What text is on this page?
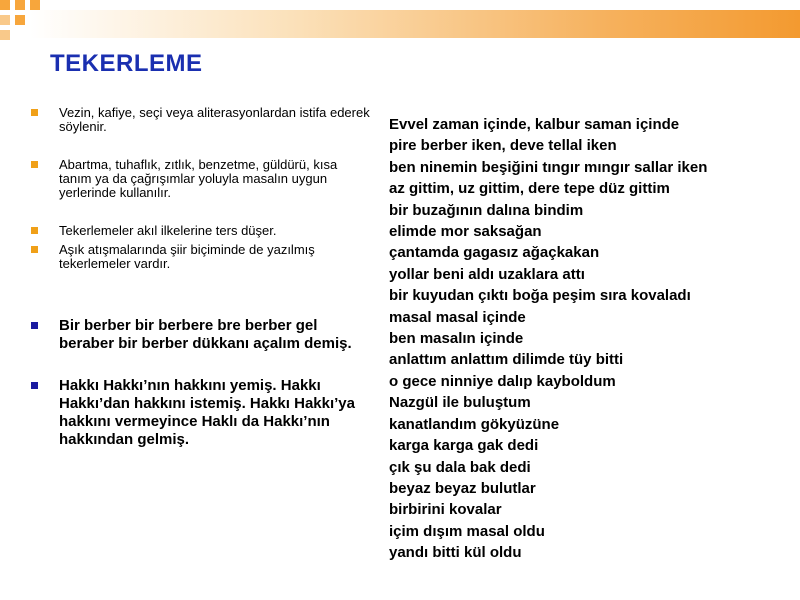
TEKERLEME
Vezin, kafiye, seçi veya aliterasyonlardan istifa ederek söylenir.
Abartma, tuhaflık, zıtlık, benzetme, güldürü, kısa tanım ya da çağrışımlar yoluyla masalın uygun yerlerinde kullanılır.
Tekerlemeler akıl ilkelerine ters düşer.
Aşık atışmalarında şiir biçiminde de yazılmış tekerlemeler vardır.
Bir berber bir berbere bre berber gel beraber bir berber dükkanı açalım demiş.
Hakkı Hakkı’nın hakkını yemiş. Hakkı Hakkı’dan hakkını istemiş. Hakkı Hakkı’ya hakkını vermeyince Haklı da Hakkı’nın hakkından gelmiş.
Evvel zaman içinde, kalbur saman içinde
pire berber iken, deve tellal iken
ben ninemin beşiğini tıngır mıngır sallar iken
az gittim, uz gittim, dere tepe düz gittim
bir buzağının dalına bindim
elimde mor saksağan
çantamda gagasız ağaçkakan
yollar beni aldı uzaklara attı
bir kuyudan çıktı boğa peşim sıra kovaladı
masal masal içinde
ben masalın içinde
anlattım anlattım dilimde tüy bitti
o gece ninniye dalıp kayboldum
Nazgül ile buluştum
kanatlandım gökyüzüne
karga karga gak dedi
çık şu dala bak dedi
beyaz beyaz bulutlar
birbirini kovalar
içim dışım masal oldu
yandı bitti kül oldu
